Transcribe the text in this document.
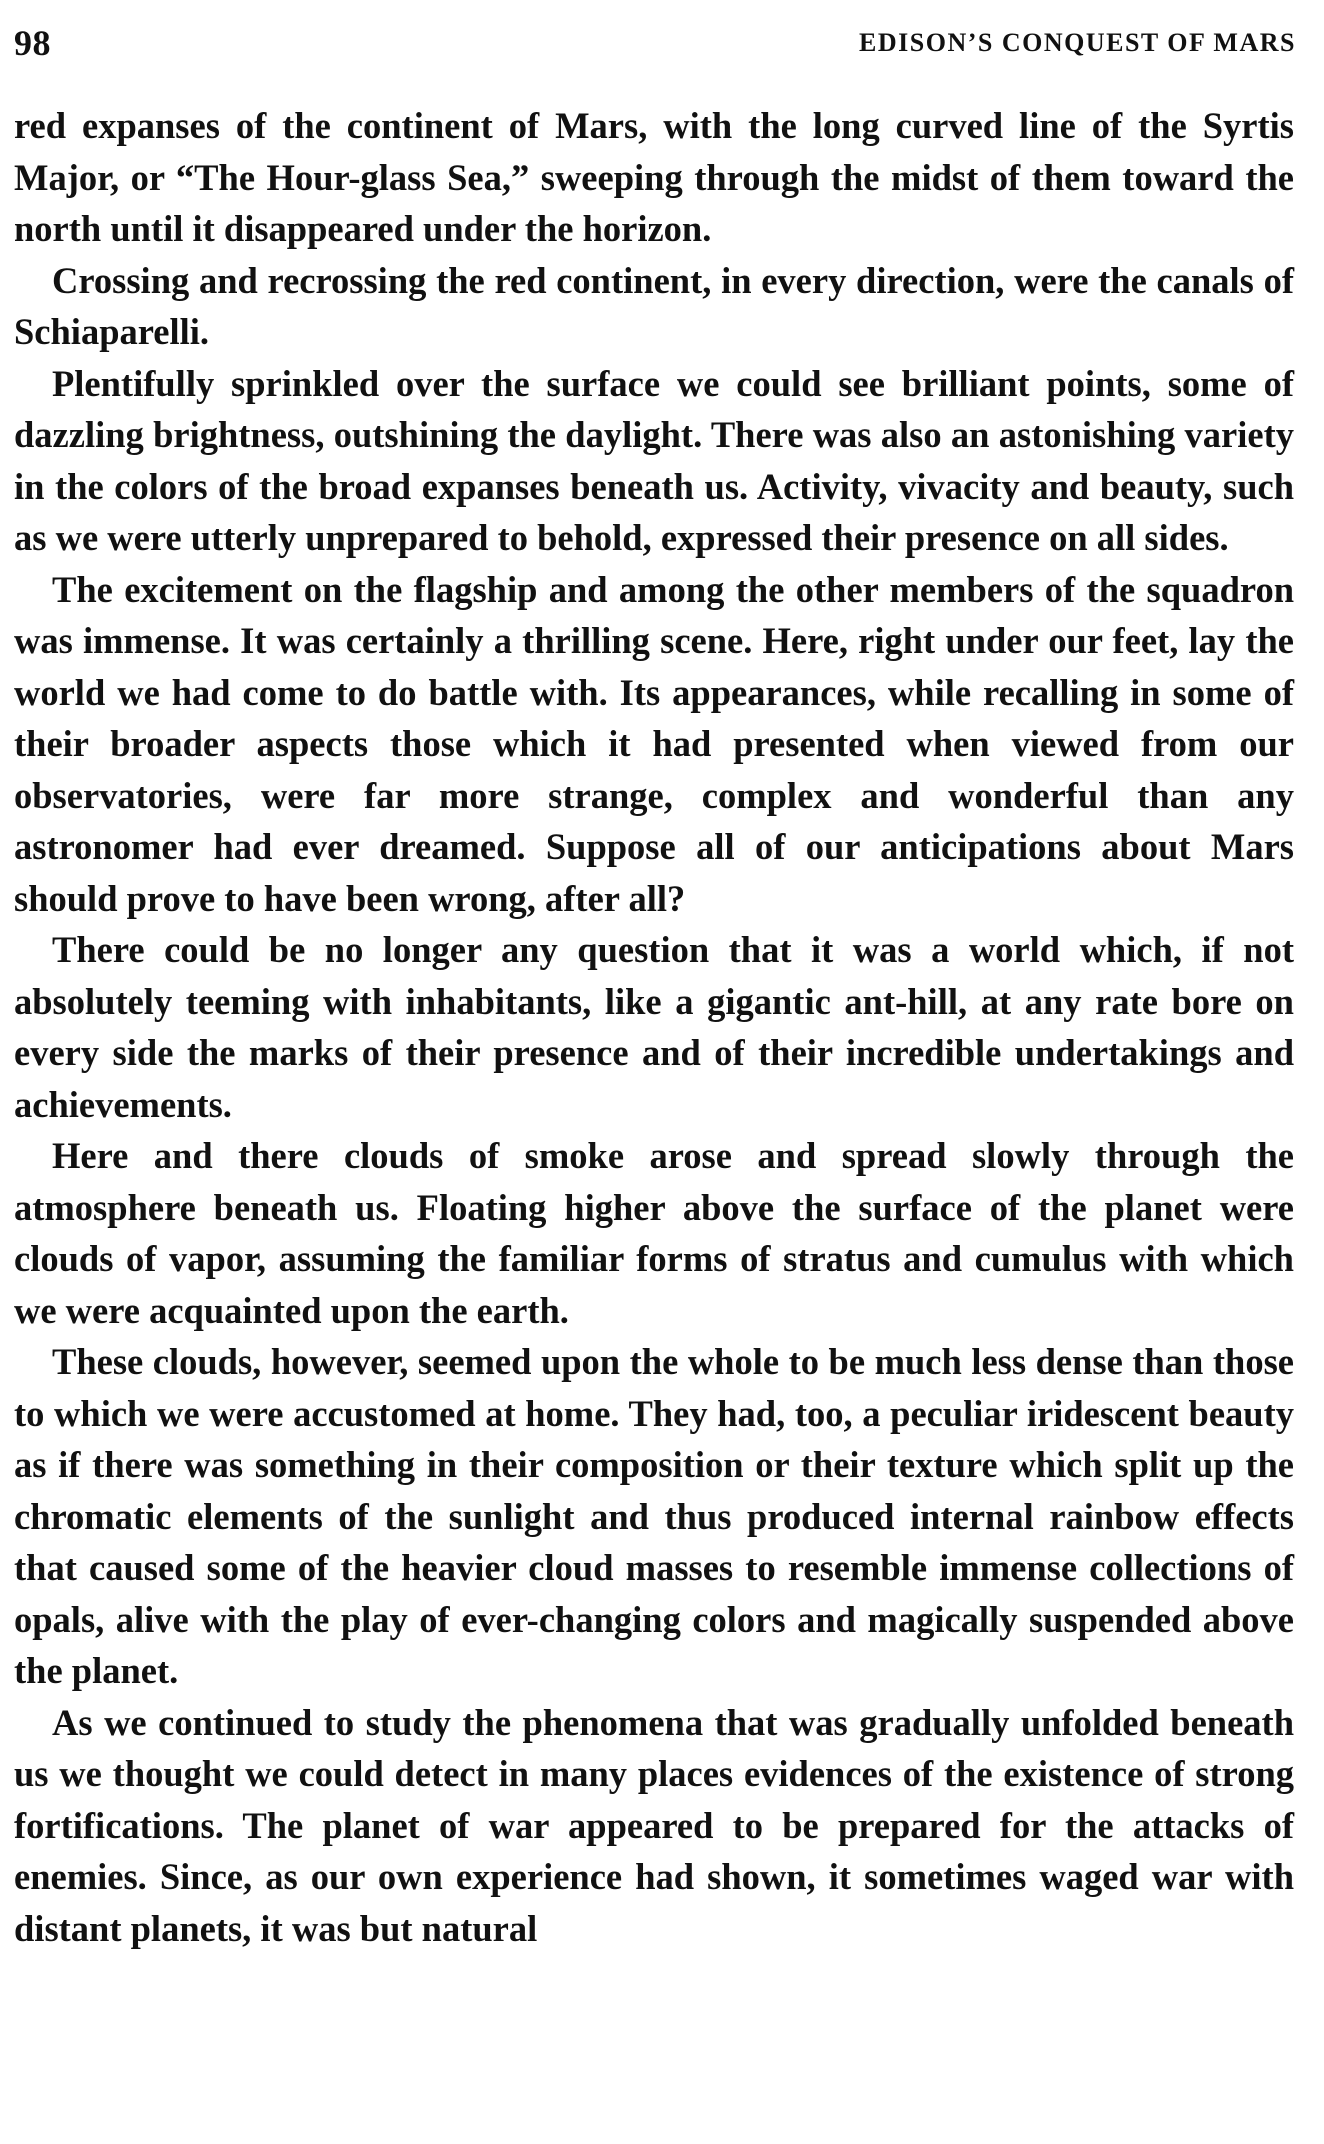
98	EDISON’S CONQUEST OF MARS

red expanses of the continent of Mars, with the long curved line of the Syrtis Major, or “The Hour-glass Sea,” sweeping through the midst of them toward the north until it disappeared under the horizon.

Crossing and recrossing the red continent, in every direction, were the canals of Schiaparelli.

Plentifully sprinkled over the surface we could see brilliant points, some of dazzling brightness, outshining the daylight. There was also an astonishing variety in the colors of the broad expanses beneath us. Activity, vivacity and beauty, such as we were utterly unprepared to behold, expressed their presence on all sides.

The excitement on the flagship and among the other members of the squadron was immense. It was certainly a thrilling scene. Here, right under our feet, lay the world we had come to do battle with. Its appearances, while recalling in some of their broader aspects those which it had presented when viewed from our observatories, were far more strange, complex and wonderful than any astronomer had ever dreamed. Suppose all of our anticipations about Mars should prove to have been wrong, after all?

There could be no longer any question that it was a world which, if not absolutely teeming with inhabitants, like a gigantic ant-hill, at any rate bore on every side the marks of their presence and of their incredible undertakings and achievements.

Here and there clouds of smoke arose and spread slowly through the atmosphere beneath us. Floating higher above the surface of the planet were clouds of vapor, assuming the familiar forms of stratus and cumulus with which we were acquainted upon the earth.

These clouds, however, seemed upon the whole to be much less dense than those to which we were accustomed at home. They had, too, a peculiar iridescent beauty as if there was something in their composition or their texture which split up the chromatic elements of the sunlight and thus produced internal rainbow effects that caused some of the heavier cloud masses to resemble immense collections of opals, alive with the play of ever-changing colors and magically suspended above the planet.

As we continued to study the phenomena that was gradually unfolded beneath us we thought we could detect in many places evidences of the existence of strong fortifications. The planet of war appeared to be prepared for the attacks of enemies. Since, as our own experience had shown, it sometimes waged war with distant planets, it was but natural
